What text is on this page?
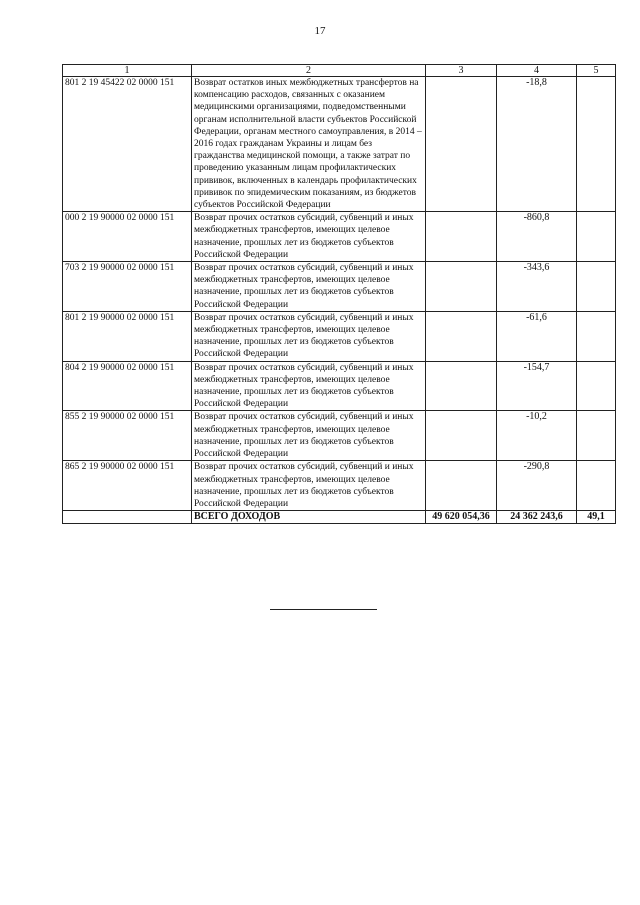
17
1	2	3	4	5
801 2 19 45422 02 0000 151	Возврат остатков иных межбюджетных трансфертов на компенсацию расходов, связанных с оказанием медицинскими организациями, подведомственными органам исполнительной власти субъектов Российской Федерации, органам местного самоуправления, в 2014 – 2016 годах гражданам Украины и лицам без гражданства медицинской помощи, а также затрат по проведению указанным лицам профилактических прививок, включенных в календарь профилактических прививок по эпидемическим показаниям, из бюджетов субъектов Российской Федерации		-18,8	
000 2 19 90000 02 0000 151	Возврат прочих остатков субсидий, субвенций и иных межбюджетных трансфертов, имеющих целевое назначение, прошлых лет из бюджетов субъектов Российской Федерации		-860,8	
703 2 19 90000 02 0000 151	Возврат прочих остатков субсидий, субвенций и иных межбюджетных трансфертов, имеющих целевое назначение, прошлых лет из бюджетов субъектов Российской Федерации		-343,6	
801 2 19 90000 02 0000 151	Возврат прочих остатков субсидий, субвенций и иных межбюджетных трансфертов, имеющих целевое назначение, прошлых лет из бюджетов субъектов Российской Федерации		-61,6	
804 2 19 90000 02 0000 151	Возврат прочих остатков субсидий, субвенций и иных межбюджетных трансфертов, имеющих целевое назначение, прошлых лет из бюджетов субъектов Российской Федерации		-154,7	
855 2 19 90000 02 0000 151	Возврат прочих остатков субсидий, субвенций и иных межбюджетных трансфертов, имеющих целевое назначение, прошлых лет из бюджетов субъектов Российской Федерации		-10,2	
865 2 19 90000 02 0000 151	Возврат прочих остатков субсидий, субвенций и иных межбюджетных трансфертов, имеющих целевое назначение, прошлых лет из бюджетов субъектов Российской Федерации		-290,8	
	ВСЕГО ДОХОДОВ	49 620 054,36	24 362 243,6	49,1
